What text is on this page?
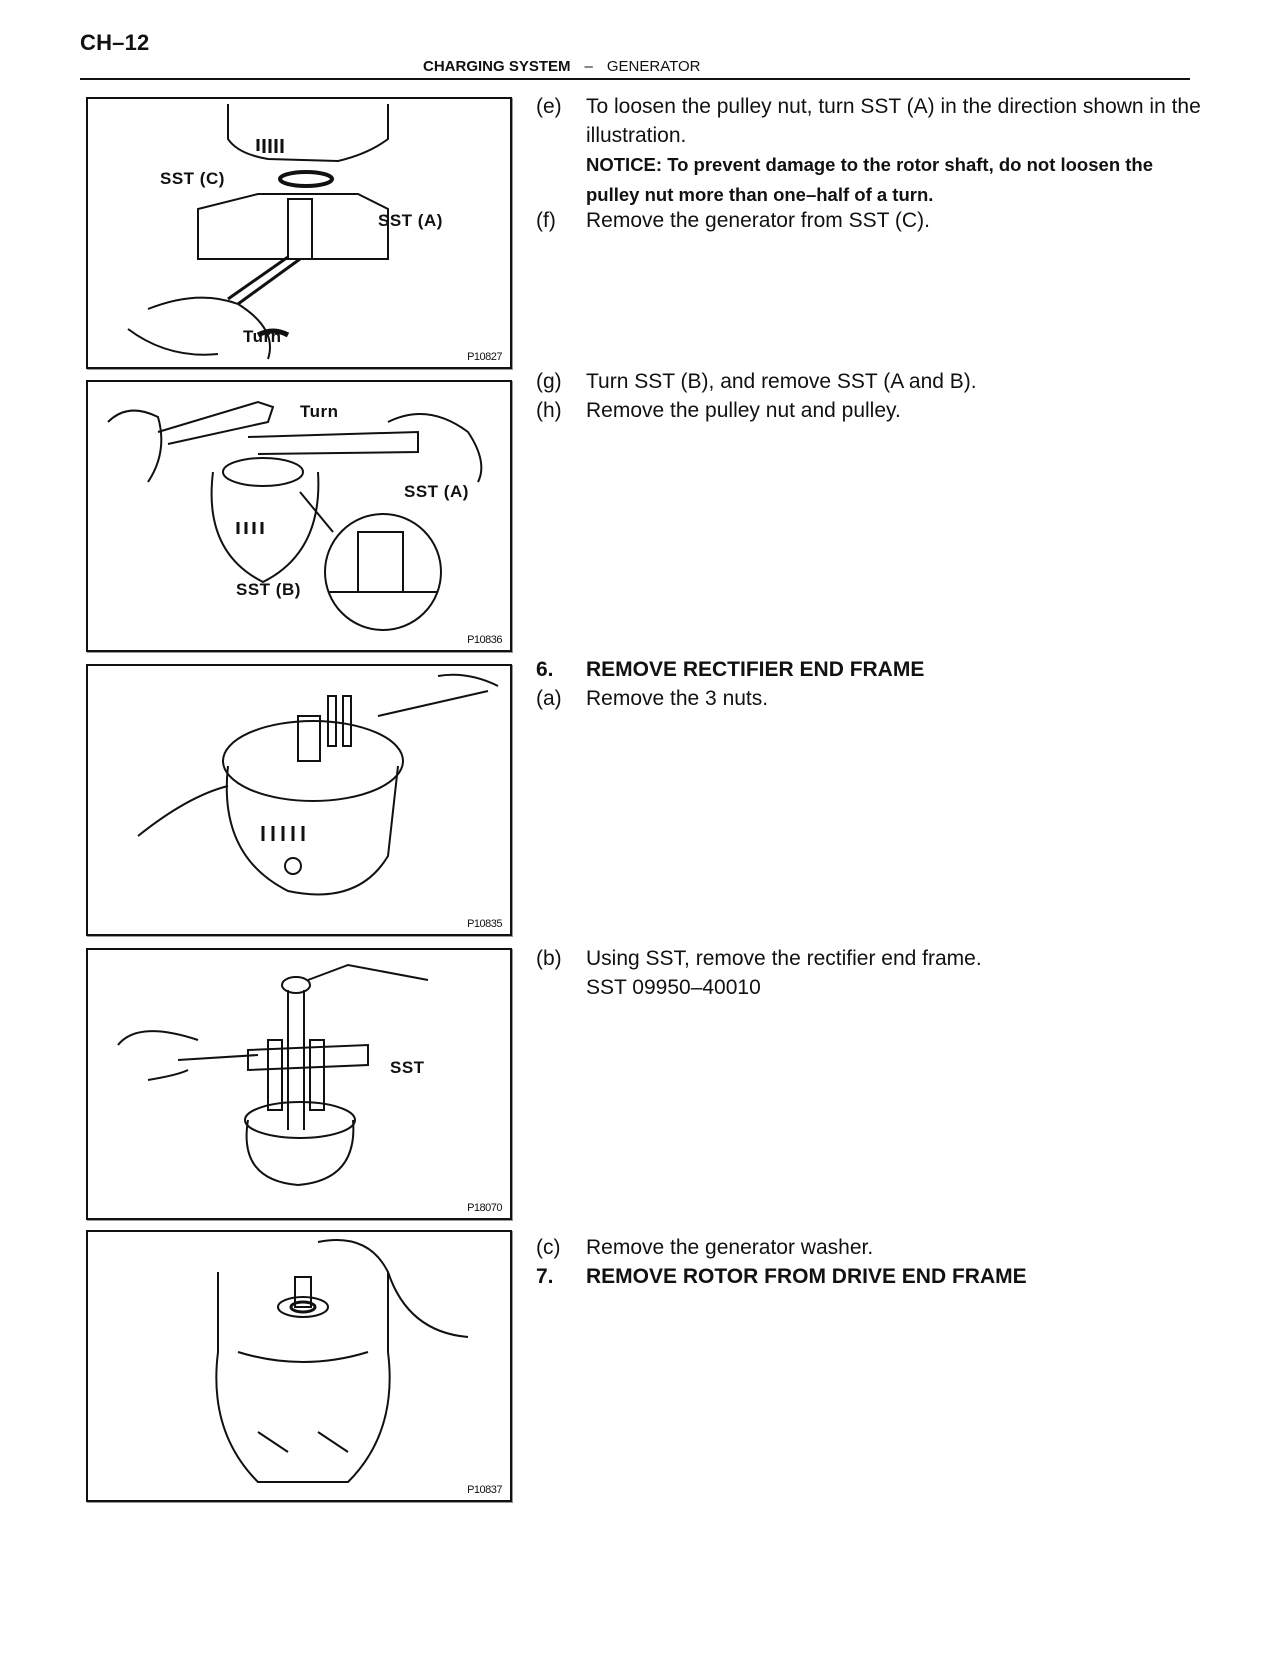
CH–12
CHARGING SYSTEM – GENERATOR
SST (C)
SST (A)
Turn
P10827
Turn
SST (A)
SST (B)
P10836
P10835
SST
P18070
P10837
(e)	To loosen the pulley nut, turn SST (A) in the direction shown in the illustration.
NOTICE: To prevent damage to the rotor shaft, do not loosen the pulley nut more than one–half of a turn.
(f)	Remove the generator from SST (C).
(g)	Turn SST (B), and remove SST (A and B).
(h)	Remove the pulley nut and pulley.
6.	REMOVE RECTIFIER END FRAME
(a)	Remove the 3 nuts.
(b)	Using SST, remove the rectifier end frame.
SST 09950–40010
(c)	Remove the generator washer.
7.	REMOVE ROTOR FROM DRIVE END FRAME
